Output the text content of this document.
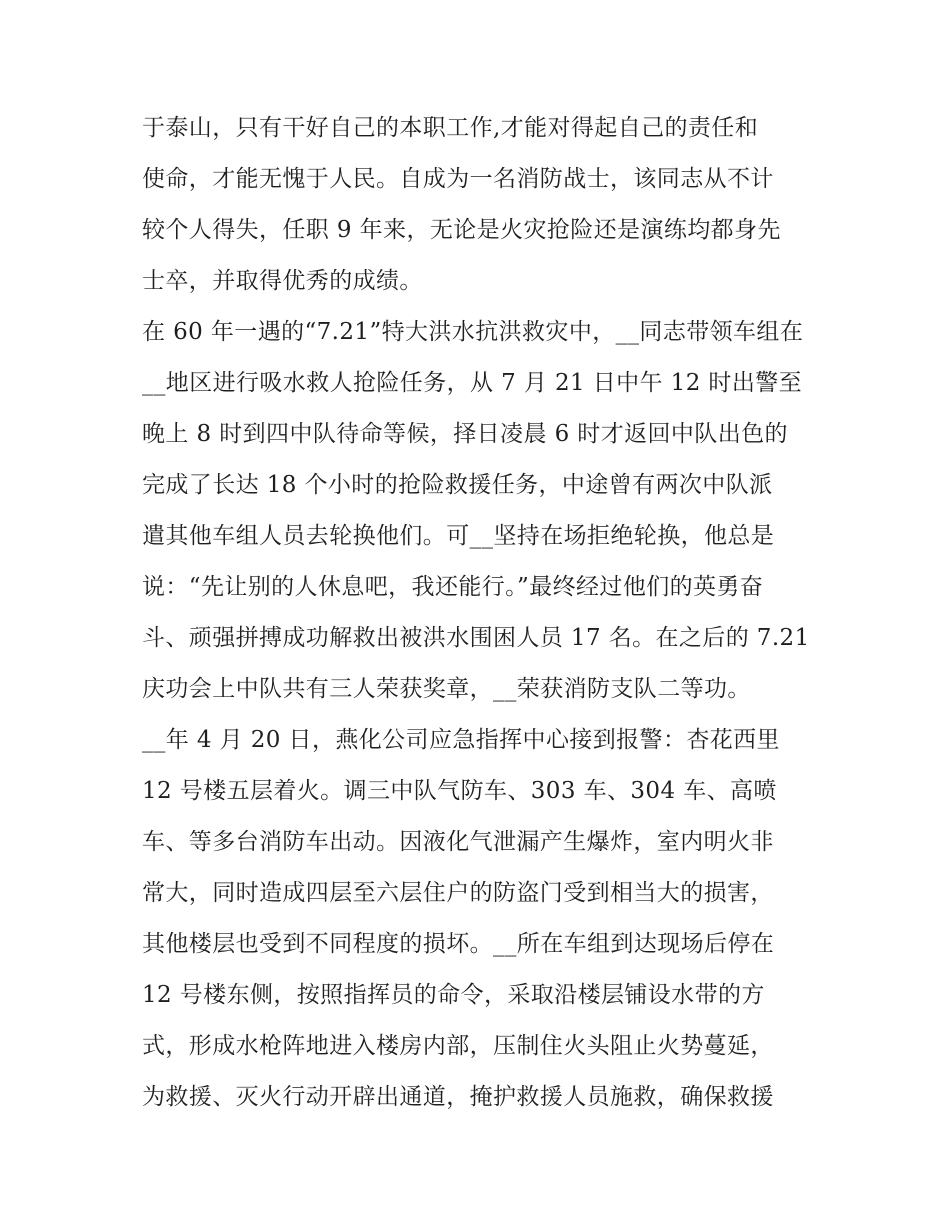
于泰山，只有干好自己的本职工作,才能对得起自己的责任和
使命，才能无愧于人民。自成为一名消防战士，该同志从不计
较个人得失，任职 9 年来，无论是火灾抢险还是演练均都身先
士卒，并取得优秀的成绩。
在 60 年一遇的“7.21”特大洪水抗洪救灾中，__同志带领车组在
__地区进行吸水救人抢险任务，从 7 月 21 日中午 12 时出警至
晚上 8 时到四中队待命等候，择日凌晨 6 时才返回中队出色的
完成了长达 18 个小时的抢险救援任务，中途曾有两次中队派
遣其他车组人员去轮换他们。可__坚持在场拒绝轮换，他总是
说：“先让别的人休息吧，我还能行。”最终经过他们的英勇奋
斗、顽强拼搏成功解救出被洪水围困人员 17 名。在之后的 7.21
庆功会上中队共有三人荣获奖章，__荣获消防支队二等功。
__年 4 月 20 日，燕化公司应急指挥中心接到报警：杏花西里
12 号楼五层着火。调三中队气防车、303 车、304 车、高喷
车、等多台消防车出动。因液化气泄漏产生爆炸，室内明火非
常大，同时造成四层至六层住户的防盗门受到相当大的损害，
其他楼层也受到不同程度的损坏。__所在车组到达现场后停在
12 号楼东侧，按照指挥员的命令，采取沿楼层铺设水带的方
式，形成水枪阵地进入楼房内部，压制住火头阻止火势蔓延，
为救援、灭火行动开辟出通道，掩护救援人员施救，确保救援
